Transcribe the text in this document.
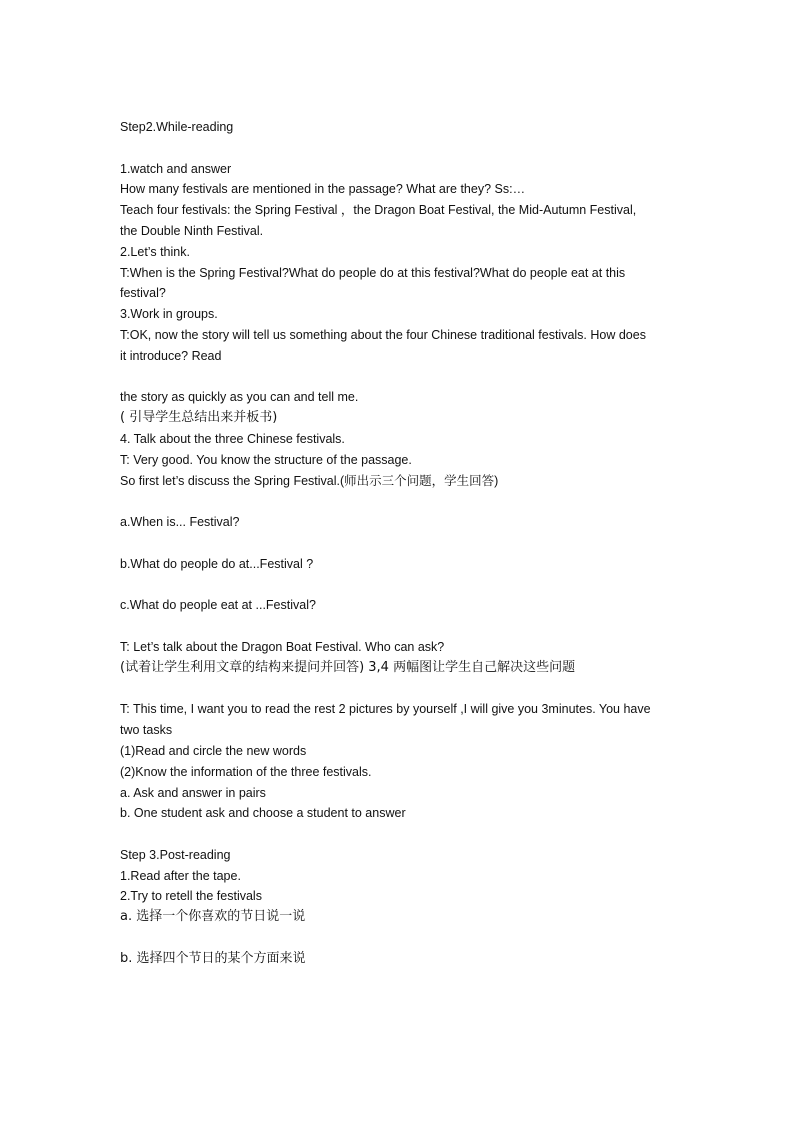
Step2.While-reading
1.watch and answer
How many festivals are mentioned in the passage? What are they? Ss:…
Teach four festivals: the Spring Festival ，the Dragon Boat Festival, the Mid-Autumn Festival,
the Double Ninth Festival.
2.Let’s think.
T:When is the Spring Festival?What do people do at this festival?What do people eat at this
festival?
3.Work in groups.
T:OK, now the story will tell us something about the four Chinese traditional festivals. How does
it introduce? Read
the story as quickly as you can and tell me.
( 引导学生总结出来并板书)
4. Talk about the three Chinese festivals.
T: Very good. You know the structure of the passage.
So first let’s discuss the Spring Festival.(师出示三个问题，学生回答)
a.When is... Festival?
b.What do people do at...Festival ?
c.What do people eat at ...Festival?
T: Let’s talk about the Dragon Boat Festival. Who can ask?
(试着让学生利用文章的结构来提问并回答) 3,4 两幅图让学生自己解决这些问题
T: This time, I want you to read the rest 2 pictures by yourself ,I will give you 3minutes. You have
two tasks
(1)Read and circle the new words
(2)Know the information of the three festivals.
a. Ask and answer in pairs
b. One student ask and choose a student to answer
Step 3.Post-reading
1.Read after the tape.
2.Try to retell the festivals
a. 选择一个你喜欢的节日说一说
b. 选择四个节日的某个方面来说
